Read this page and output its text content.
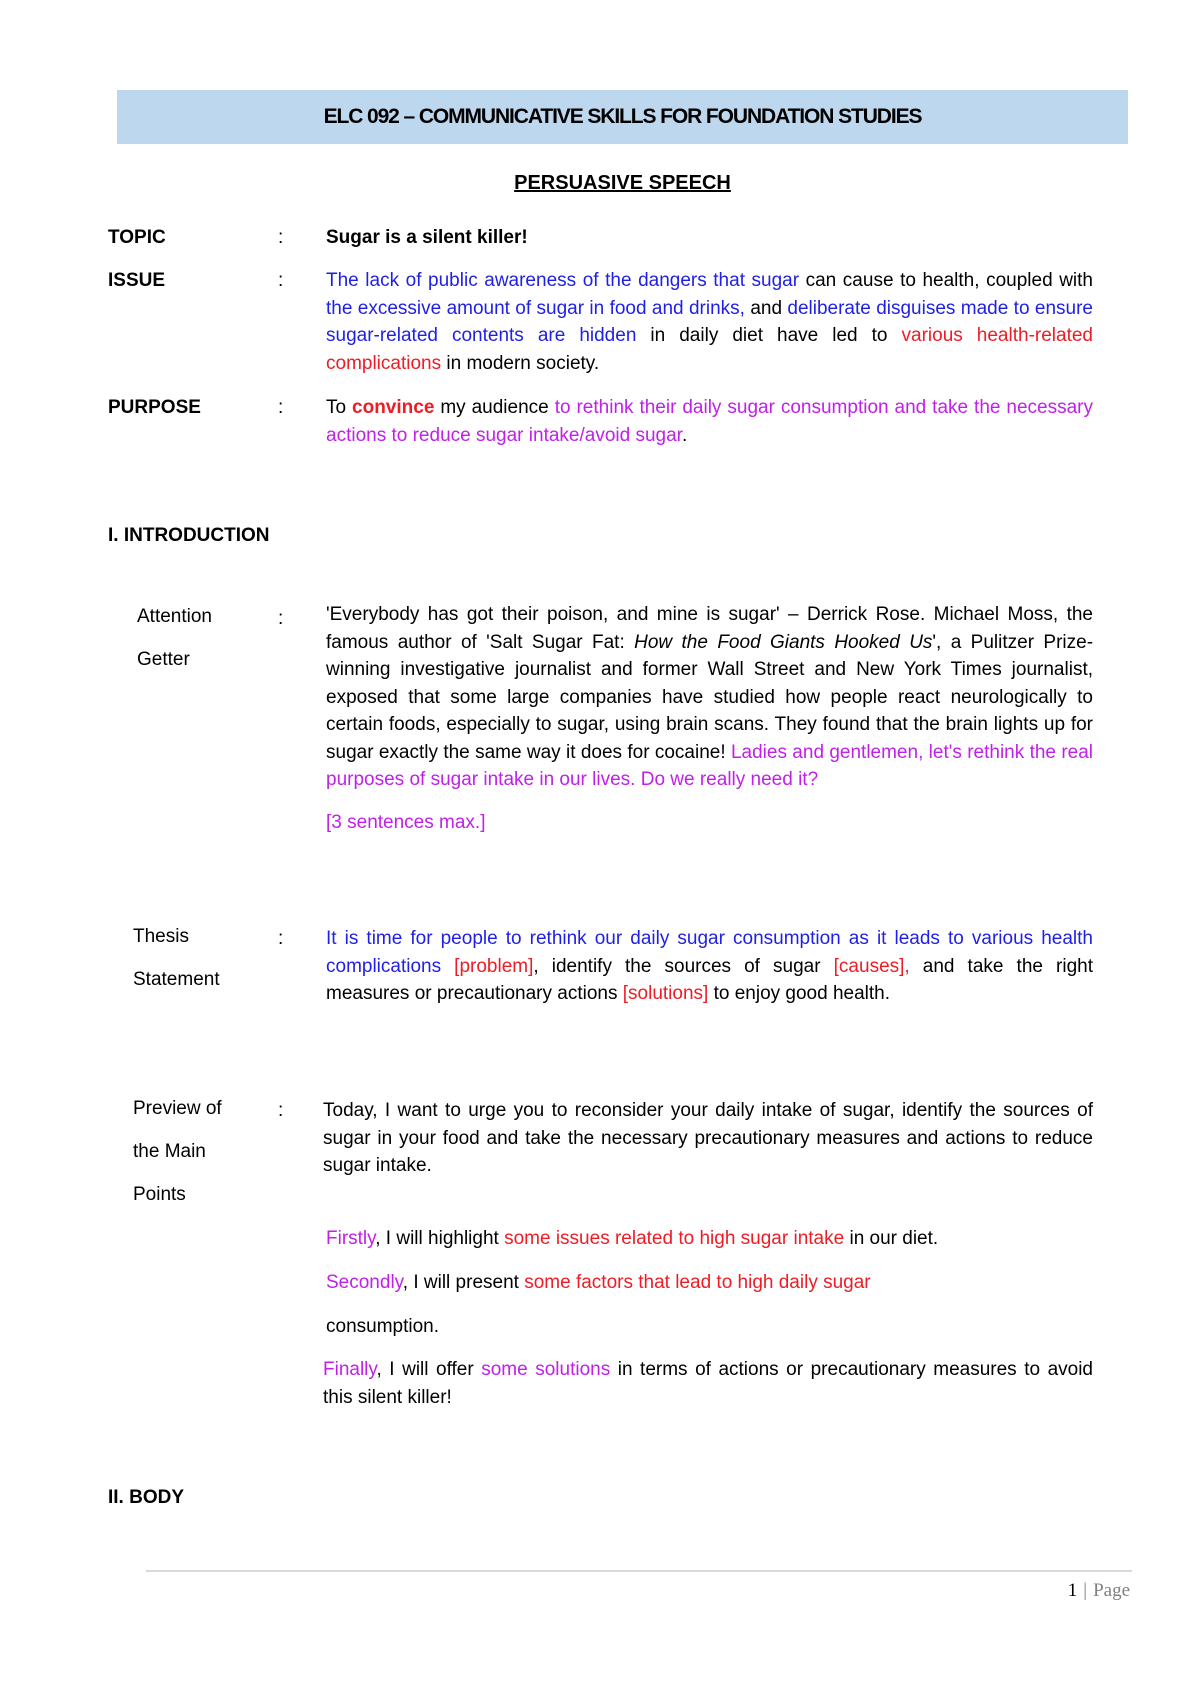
ELC 092 – COMMUNICATIVE SKILLS FOR FOUNDATION STUDIES
PERSUASIVE SPEECH
TOPIC	: Sugar is a silent killer!
ISSUE	: The lack of public awareness of the dangers that sugar can cause to health, coupled with the excessive amount of sugar in food and drinks, and deliberate disguises made to ensure sugar-related contents are hidden in daily diet have led to various health-related complications in modern society.
PURPOSE	: To convince my audience to rethink their daily sugar consumption and take the necessary actions to reduce sugar intake/avoid sugar.
I. INTRODUCTION
Attention
Getter
: 'Everybody has got their poison, and mine is sugar' – Derrick Rose. Michael Moss, the famous author of 'Salt Sugar Fat: How the Food Giants Hooked Us', a Pulitzer Prize-winning investigative journalist and former Wall Street and New York Times journalist, exposed that some large companies have studied how people react neurologically to certain foods, especially to sugar, using brain scans. They found that the brain lights up for sugar exactly the same way it does for cocaine! Ladies and gentlemen, let's rethink the real purposes of sugar intake in our lives. Do we really need it?
[3 sentences max.]
Thesis
Statement
: It is time for people to rethink our daily sugar consumption as it leads to various health complications [problem], identify the sources of sugar [causes], and take the right measures or precautionary actions [solutions] to enjoy good health.
Preview of
the Main
Points
: Today, I want to urge you to reconsider your daily intake of sugar, identify the sources of sugar in your food and take the necessary precautionary measures and actions to reduce sugar intake.
Firstly, I will highlight some issues related to high sugar intake in our diet.
Secondly, I will present some factors that lead to high daily sugar
consumption.
Finally, I will offer some solutions in terms of actions or precautionary measures to avoid this silent killer!
II. BODY
1 | Page
